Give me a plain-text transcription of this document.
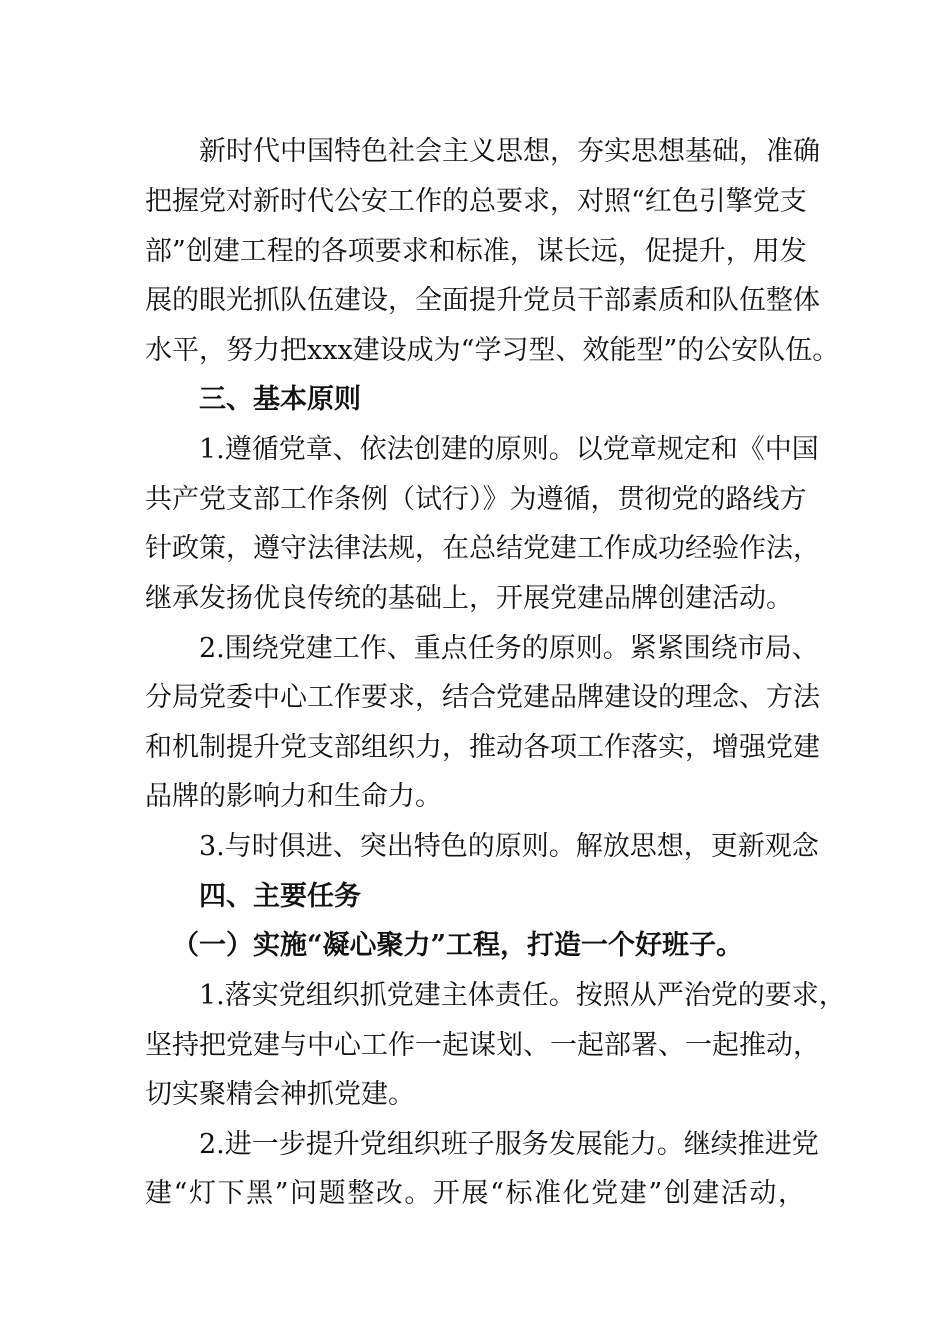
新时代中国特色社会主义思想，夯实思想基础，准确
把握党对新时代公安工作的总要求，对照“红色引擎党支
部”创建工程的各项要求和标准，谋长远，促提升，用发
展的眼光抓队伍建设，全面提升党员干部素质和队伍整体
水平，努力把xxx建设成为“学习型、效能型”的公安队伍。
三、基本原则
1.遵循党章、依法创建的原则。以党章规定和《中国
共产党支部工作条例（试行）》为遵循，贯彻党的路线方
针政策，遵守法律法规，在总结党建工作成功经验作法，
继承发扬优良传统的基础上，开展党建品牌创建活动。
2.围绕党建工作、重点任务的原则。紧紧围绕市局、
分局党委中心工作要求，结合党建品牌建设的理念、方法
和机制提升党支部组织力，推动各项工作落实，增强党建
品牌的影响力和生命力。
3.与时俱进、突出特色的原则。解放思想，更新观念
四、主要任务
（一）实施“凝心聚力”工程，打造一个好班子。
1.落实党组织抓党建主体责任。按照从严治党的要求，
坚持把党建与中心工作一起谋划、一起部署、一起推动，
切实聚精会神抓党建。
2.进一步提升党组织班子服务发展能力。继续推进党
建“灯下黑”问题整改。开展“标准化党建”创建活动，
